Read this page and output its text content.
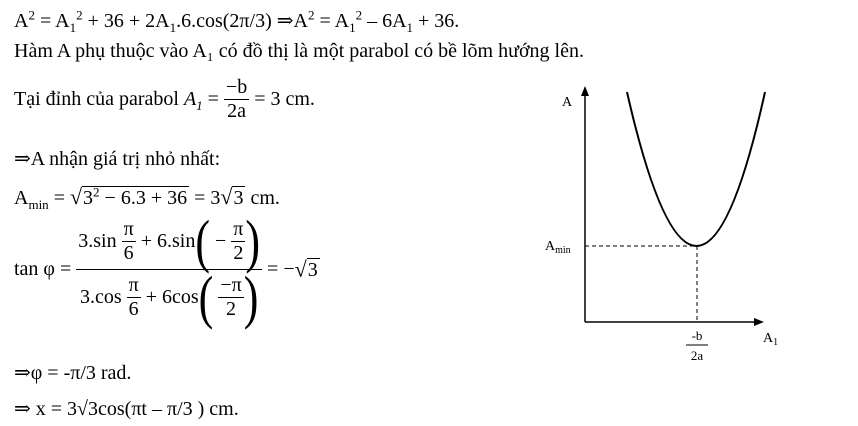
$A^2 = A_1^2 + 36 + 2A_1.6.\cos(2\pi/3)$ $\Rightarrow A^2 = A_1^2 - 6A_1 + 36$.
Hàm A phụ thuộc vào A₁ có đồ thị là một parabol có bề lõm hướng lên.
Tại đỉnh của parabol $A_1 = \frac{-b}{2a} = 3$ cm.
⇒A nhận giá trị nhỏ nhất:
$A_{min} = √3^2 - 6.3 + 36 = 3√3$ cm.
$\tan \varphi = \frac{3.\sin \frac{\pi}{6} + 6.\sin( - \frac{\pi}{2} )}{3.\cos \frac{\pi}{6} + 6\cos( \frac{-\pi}{2} )} = -√3$
⇒φ = -π/3 rad.
⇒ x = 3√3cos(πt – π/3 ) cm.
A
$A_{min}$
$A_1$
-b
2a
